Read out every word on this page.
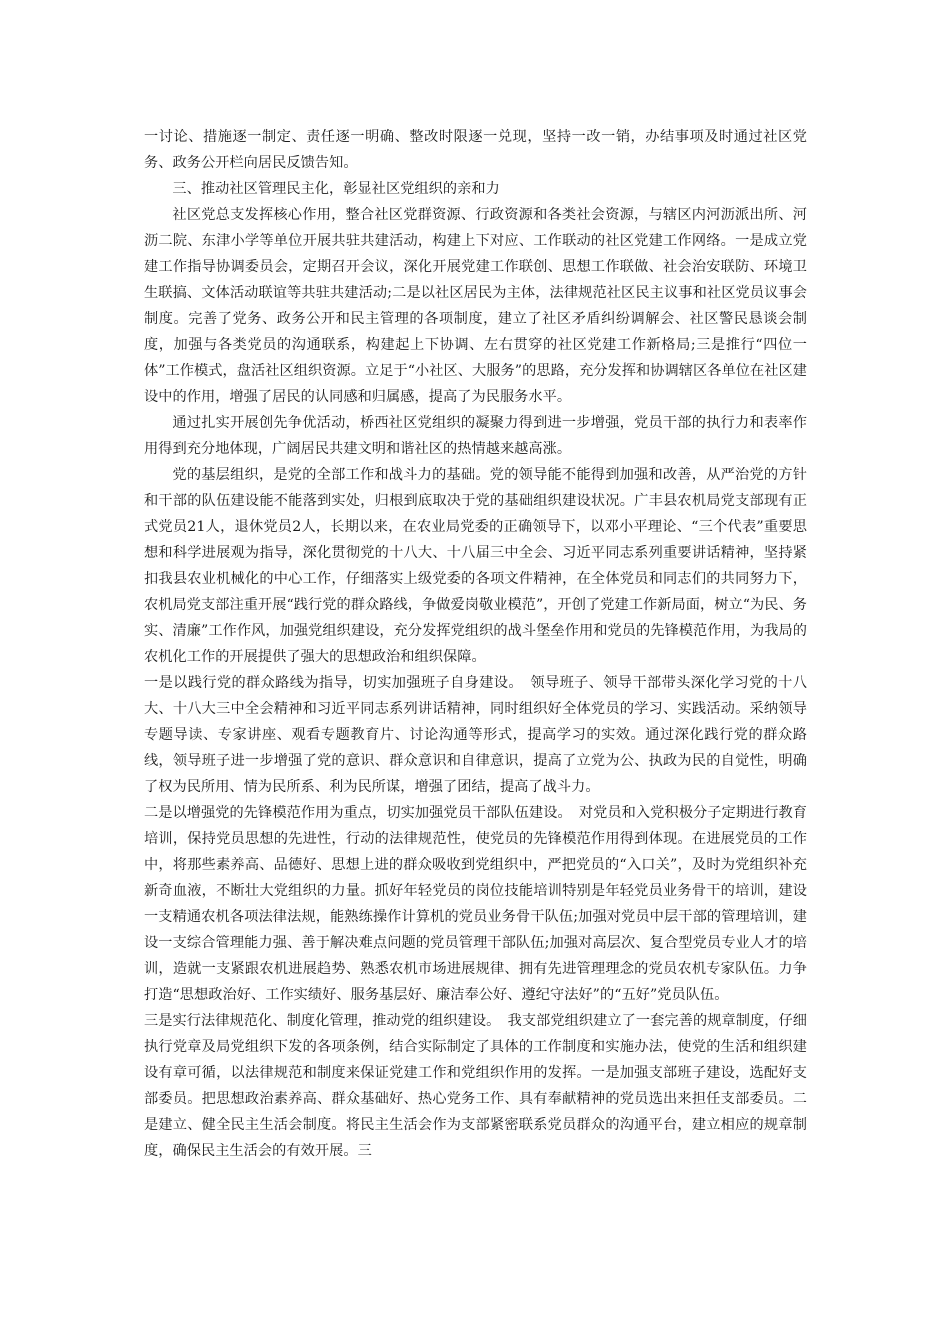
一讨论、措施逐一制定、责任逐一明确、整改时限逐一兑现，坚持一改一销，办结事项及时通过社区党务、政务公开栏向居民反馈告知。

三、推动社区管理民主化，彰显社区党组织的亲和力

社区党总支发挥核心作用，整合社区党群资源、行政资源和各类社会资源，与辖区内河沥派出所、河沥二院、东津小学等单位开展共驻共建活动，构建上下对应、工作联动的社区党建工作网络。一是成立党建工作指导协调委员会，定期召开会议，深化开展党建工作联创、思想工作联做、社会治安联防、环境卫生联搞、文体活动联谊等共驻共建活动;二是以社区居民为主体，法律规范社区民主议事和社区党员议事会制度。完善了党务、政务公开和民主管理的各项制度，建立了社区矛盾纠纷调解会、社区警民恳谈会制度，加强与各类党员的沟通联系，构建起上下协调、左右贯穿的社区党建工作新格局;三是推行“四位一体”工作模式，盘活社区组织资源。立足于“小社区、大服务”的思路，充分发挥和协调辖区各单位在社区建设中的作用，增强了居民的认同感和归属感，提高了为民服务水平。

通过扎实开展创先争优活动，桥西社区党组织的凝聚力得到进一步增强，党员干部的执行力和表率作用得到充分地体现，广阔居民共建文明和谐社区的热情越来越高涨。

党的基层组织，是党的全部工作和战斗力的基础。党的领导能不能得到加强和改善，从严治党的方针和干部的队伍建设能不能落到实处，归根到底取决于党的基础组织建设状况。广丰县农机局党支部现有正式党员21人，退休党员2人，长期以来，在农业局党委的正确领导下，以邓小平理论、“三个代表”重要思想和科学进展观为指导，深化贯彻党的十八大、十八届三中全会、习近平同志系列重要讲话精神，坚持紧扣我县农业机械化的中心工作，仔细落实上级党委的各项文件精神，在全体党员和同志们的共同努力下，农机局党支部注重开展“践行党的群众路线，争做爱岗敬业模范”，开创了党建工作新局面，树立“为民、务实、清廉”工作作风，加强党组织建设，充分发挥党组织的战斗堡垒作用和党员的先锋模范作用，为我局的农机化工作的开展提供了强大的思想政治和组织保障。

一是以践行党的群众路线为指导，切实加强班子自身建设。　领导班子、领导干部带头深化学习党的十八大、十八大三中全会精神和习近平同志系列讲话精神，同时组织好全体党员的学习、实践活动。采纳领导专题导读、专家讲座、观看专题教育片、讨论沟通等形式，提高学习的实效。通过深化践行党的群众路线，领导班子进一步增强了党的意识、群众意识和自律意识，提高了立党为公、执政为民的自觉性，明确了权为民所用、情为民所系、利为民所谋，增强了团结，提高了战斗力。

二是以增强党的先锋模范作用为重点，切实加强党员干部队伍建设。　对党员和入党积极分子定期进行教育培训，保持党员思想的先进性，行动的法律规范性，使党员的先锋模范作用得到体现。在进展党员的工作中，将那些素养高、品德好、思想上进的群众吸收到党组织中，严把党员的“入口关”，及时为党组织补充新奇血液，不断壮大党组织的力量。抓好年轻党员的岗位技能培训特别是年轻党员业务骨干的培训，建设一支精通农机各项法律法规，能熟练操作计算机的党员业务骨干队伍;加强对党员中层干部的管理培训，建设一支综合管理能力强、善于解决难点问题的党员管理干部队伍;加强对高层次、复合型党员专业人才的培训，造就一支紧跟农机进展趋势、熟悉农机市场进展规律、拥有先进管理理念的党员农机专家队伍。力争打造“思想政治好、工作实绩好、服务基层好、廉洁奉公好、遵纪守法好”的“五好”党员队伍。

三是实行法律规范化、制度化管理，推动党的组织建设。　我支部党组织建立了一套完善的规章制度，仔细执行党章及局党组织下发的各项条例，结合实际制定了具体的工作制度和实施办法，使党的生活和组织建设有章可循，以法律规范和制度来保证党建工作和党组织作用的发挥。一是加强支部班子建设，选配好支部委员。把思想政治素养高、群众基础好、热心党务工作、具有奉献精神的党员选出来担任支部委员。二是建立、健全民主生活会制度。将民主生活会作为支部紧密联系党员群众的沟通平台，建立相应的规章制度，确保民主生活会的有效开展。三
